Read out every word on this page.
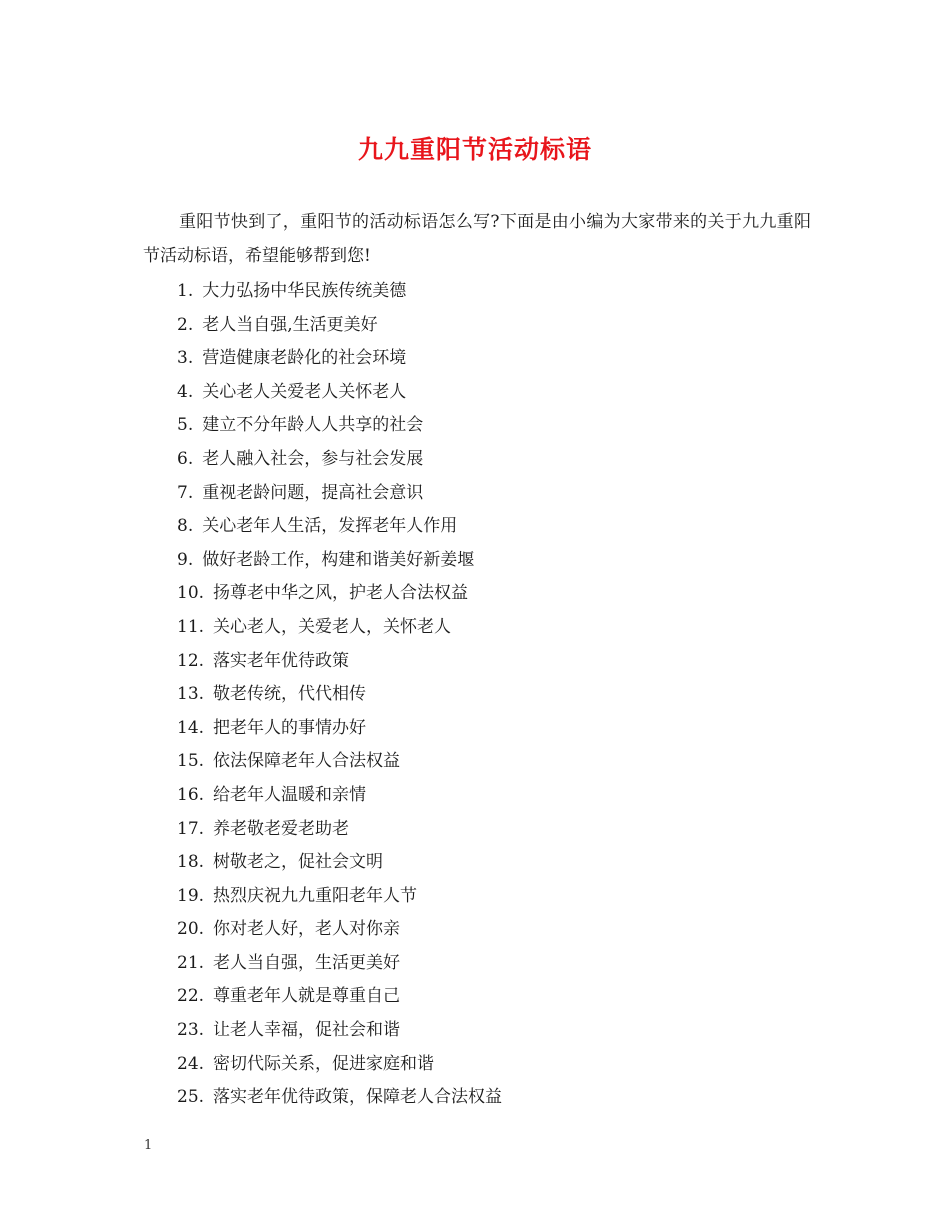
九九重阳节活动标语
重阳节快到了，重阳节的活动标语怎么写?下面是由小编为大家带来的关于九九重阳节活动标语，希望能够帮到您!
1. 大力弘扬中华民族传统美德
2. 老人当自强,生活更美好
3. 营造健康老龄化的社会环境
4. 关心老人关爱老人关怀老人
5. 建立不分年龄人人共享的社会
6. 老人融入社会，参与社会发展
7. 重视老龄问题，提高社会意识
8. 关心老年人生活，发挥老年人作用
9. 做好老龄工作，构建和谐美好新姜堰
10. 扬尊老中华之风，护老人合法权益
11. 关心老人，关爱老人，关怀老人
12. 落实老年优待政策
13. 敬老传统，代代相传
14. 把老年人的事情办好
15. 依法保障老年人合法权益
16. 给老年人温暖和亲情
17. 养老敬老爱老助老
18. 树敬老之，促社会文明
19. 热烈庆祝九九重阳老年人节
20. 你对老人好，老人对你亲
21. 老人当自强，生活更美好
22. 尊重老年人就是尊重自己
23. 让老人幸福，促社会和谐
24. 密切代际关系，促进家庭和谐
25. 落实老年优待政策，保障老人合法权益
1
